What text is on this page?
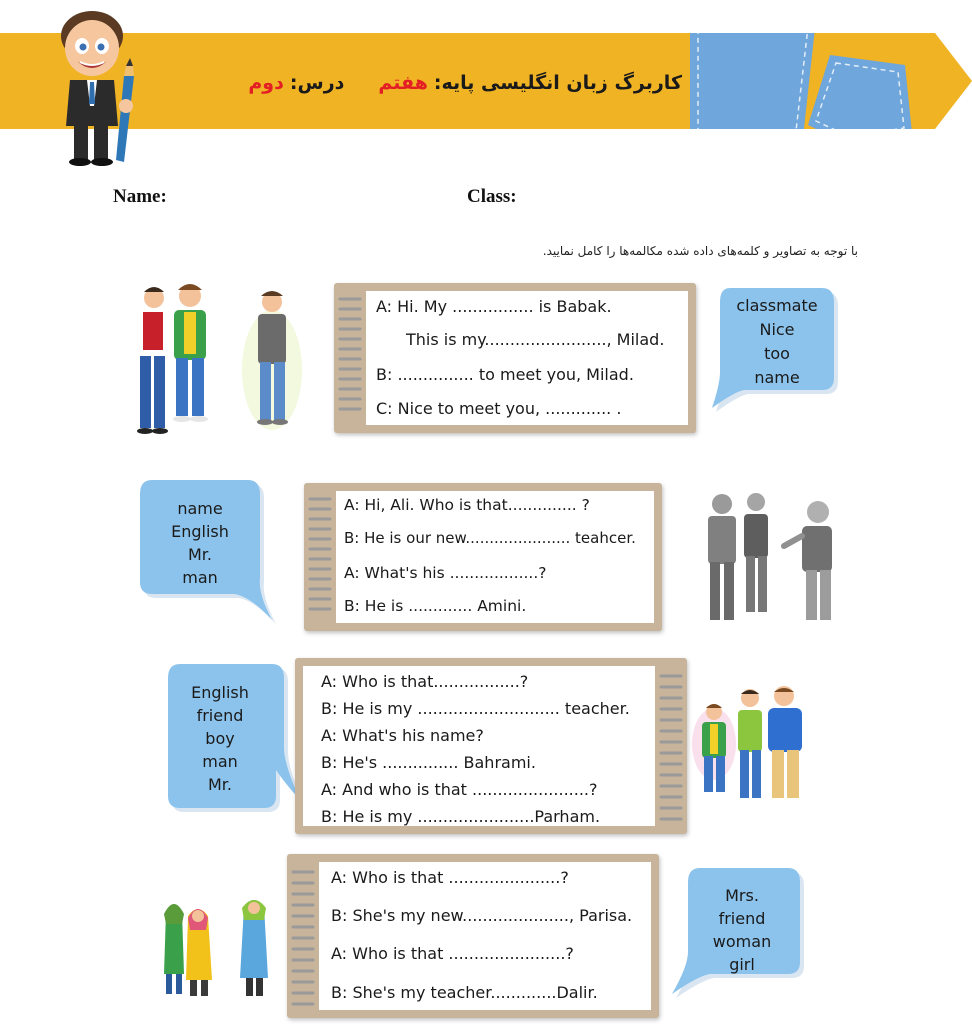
کاربرگ زبان انگلیسی پایه:هفتمدرس:دوم
Name:	Class:
با توجه به تصاویر و کلمه‌های داده شده مکالمه‌ها را کامل نمایید.
A: Hi. My ................ is Babak.
This is my........................, Milad.
B: ............... to meet you, Milad.
C: Nice to meet you, ............. .
classmate
Nice
too
name
name
English
Mr.
man
A: Hi, Ali. Who is that.............. ?
B: He is our new...................... teahcer.
A: What's his ..................?
B: He is ............. Amini.
English
friend
boy
man
Mr.
A: Who is that.................?
B: He is my ............................ teacher.
A: What's his name?
B: He's ............... Bahrami.
A: And who is that .......................?
B: He is my .......................Parham.
A: Who is that ......................?
B: She's my new....................., Parisa.
A: Who is that .......................?
B: She's my teacher.............Dalir.
Mrs.
friend
woman
girl
